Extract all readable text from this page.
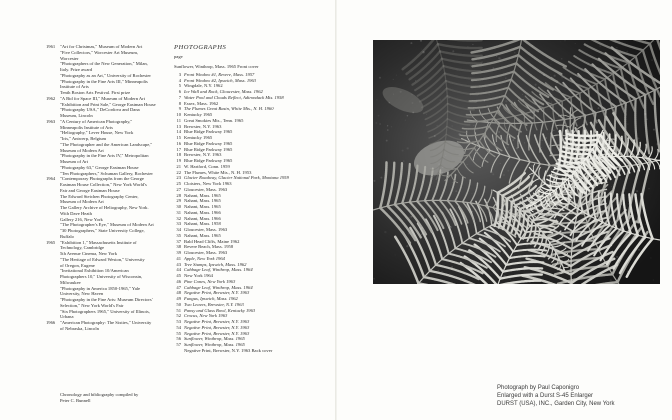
1961	"Art for Christmas," Museum of Modern Art
"Five Collectors," Worcester Art Museum,
Worcester
"Photographers of the New Generation," Milan,
Italy. Prize award
"Photography as an Art," University of Rochester
"Photography in the Fine Arts III," Minneapolis
Institute of Arts
Tenth Boston Arts Festival. First prize
1962	"A Bid for Space III," Museum of Modern Art
"Exhibition and Print Sale," George Eastman House
"Photography USA," DeCordova and Dana
Museum, Lincoln
1963	"A Century of American Photography,"
Minneapolis Institute of Arts
"Heliography," Lever House, New York
"Iris," Antwerp, Belgium
"The Photographer and the American Landscape,"
Museum of Modern Art
"Photography in the Fine Arts IV," Metropolitan
Museum of Art
"Photography 63," George Eastman House
"Ten Photographers," Schuman Gallery, Rochester
1964	"Contemporary Photographs from the George
Eastman House Collection," New York World's
Fair and George Eastman House
The Edward Steichen Photography Center,
Museum of Modern Art
The Gallery Archive of Heliography, New York.
With Dave Heath
Gallery 216, New York
"The Photographer's Eye," Museum of Modern Art
"30 Photographers," State University College,
Buffalo
1965	"Exhibition 1," Massachusetts Institute of
Technology, Cambridge
5th Avenue Cinema, New York
"The Heritage of Edward Weston," University
of Oregon, Eugene
"Invitational Exhibition 10/American
Photographers 10," University of Wisconsin,
Milwaukee
"Photography in America 1850-1965," Yale
University, New Haven
"Photography in the Fine Arts: Museum Directors'
Selection," New York World's Fair
"Six Photographers 1965," University of Illinois,
Urbana
1966	"American Photography: The Sixties," University
of Nebraska, Lincoln
Chronology and bibliography compiled by
Peter C. Bunnell
PHOTOGRAPHS
page
Sunflower, Winthrop, Mass. 1965 Front cover
3 Front Window #1, Revere, Mass. 1957
4 Front Window #2, Ipswich, Mass. 1963
5 Wingdale, N.Y. 1962
6 Ice Wall and Rock, Gloucester, Mass. 1962
7 Water Pool and Clouds Reflect, Adirondack Mts. 1958
8 Essex, Mass. 1962
9 The Flumes Great Basin, White Mts., N. H. 1960
10 Kentucky 1965
11 Great Smokies Mts., Tenn. 1965
13 Brewster, N.Y. 1963
14 Blue Ridge Parkway 1965
15 Kentucky 1965
16 Blue Ridge Parkway 1965
17 Blue Ridge Parkway 1965
18 Brewster, N.Y. 1963
19 Blue Ridge Parkway 1965
21 W. Hartford, Conn. 1959
22 The Flumes, White Mts., N. H. 1953
23 Glacier Roadway, Glacier National Park, Montana 1959
25 Cloisters, New York 1963
27 Gloucester, Mass. 1963
28 Nahant, Mass. 1965
29 Nahant, Mass. 1965
30 Nahant, Mass. 1965
31 Nahant, Mass. 1966
32 Nahant, Mass. 1966
33 Nahant, Mass. 1958
34 Gloucester, Mass. 1963
35 Nahant, Mass. 1965
37 Bald Head Cliffs, Maine 1962
38 Revere Beach, Mass. 1958
39 Gloucester, Mass. 1963
41 Apple, New York 1964
43 Tree Stumps, Ipswich, Mass. 1962
44 Cabbage Leaf, Winthrop, Mass. 1964
45 New York 1964
46 Pine Cones, New York 1963
47 Cabbage Leaf, Winthrop, Mass. 1964
48 Negative Print, Brewster, N.Y. 1963
49 Fungus, Ipswich, Mass. 1962
50 Two Leaves, Brewster, N.Y. 1963
51 Pansy and Glass Bowl, Kentucky 1963
52 Crocus, New York 1963
53 Negative Print, Brewster, N.Y. 1963
54 Negative Print, Brewster, N.Y. 1963
55 Negative Print, Brewster, N.Y. 1963
56 Sunflower, Winthrop, Mass. 1965
57 Sunflower, Winthrop, Mass. 1965
Negative Print, Brewster, N.Y. 1963 Back cover
Photograph by Paul Caponigro
Enlarged with a Durst S-45 Enlarger
DURST (USA), INC., Garden City, New York
